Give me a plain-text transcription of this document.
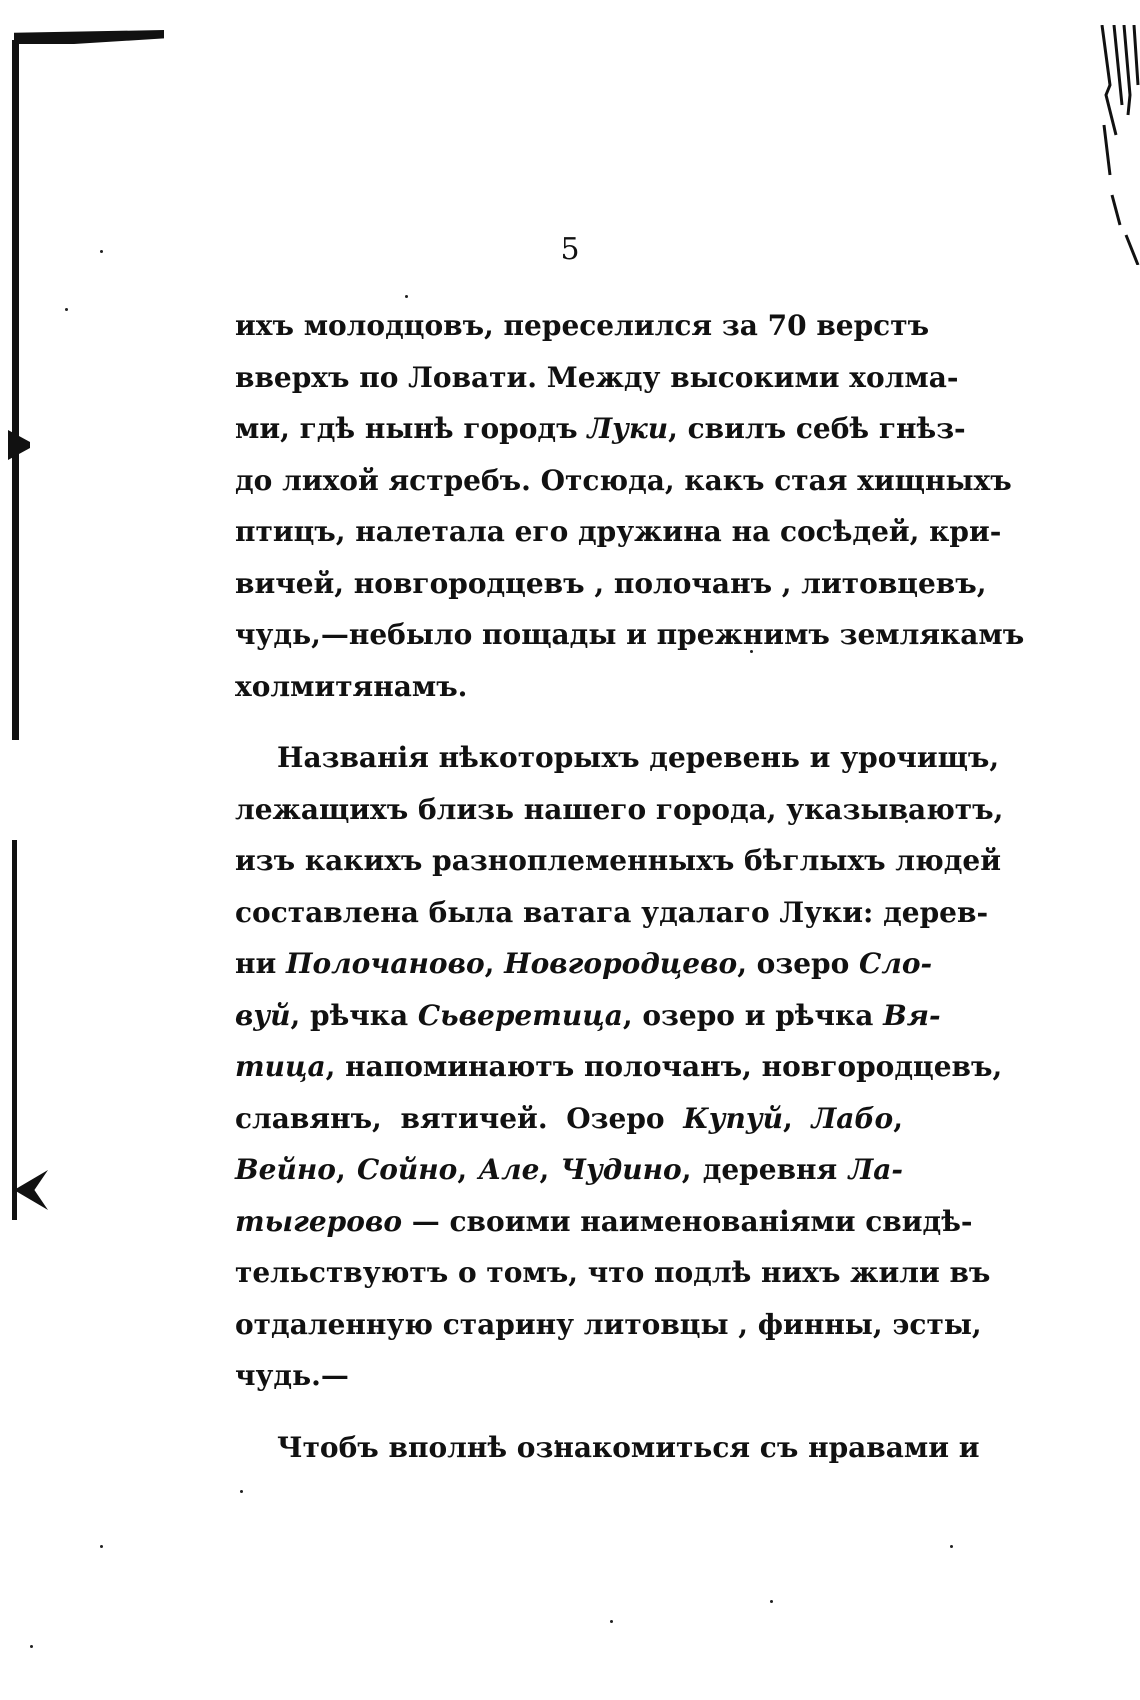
5
ихъ молодцовъ, переселился за 70 верстъ
вверхъ по Ловати. Между высокими холма-
ми, гдѣ нынѣ городъ Луки, свилъ себѣ гнѣз-
до лихой ястребъ. Отсюда, какъ стая хищныхъ
птицъ, налетала его дружина на сосѣдей, кри-
вичей, новгородцевъ , полочанъ , литовцевъ,
чудь,—небыло пощады и прежнимъ землякамъ
холмитянамъ.
Названія нѣкоторыхъ деревень и урочищъ,
лежащихъ близь нашего города, указываютъ,
изъ какихъ разноплеменныхъ бѣглыхъ людей
составлена была ватага удалаго Луки: дерев-
ни Полочаново, Новгородцево, озеро Сло-
вуй, рѣчка Сьверетица, озеро и рѣчка Вя-
тица, напоминаютъ полочанъ, новгородцевъ,
славянъ, вятичей. Озеро Купуй, Лабо,
Вейно, Сойно, Але, Чудино, деревня Ла-
тыгерово — своими наименованіями свидѣ-
тельствуютъ о томъ, что подлѣ нихъ жили въ
отдаленную старину литовцы , финны, эсты,
чудь.—
Чтобъ вполнѣ ознакомиться съ нравами и
